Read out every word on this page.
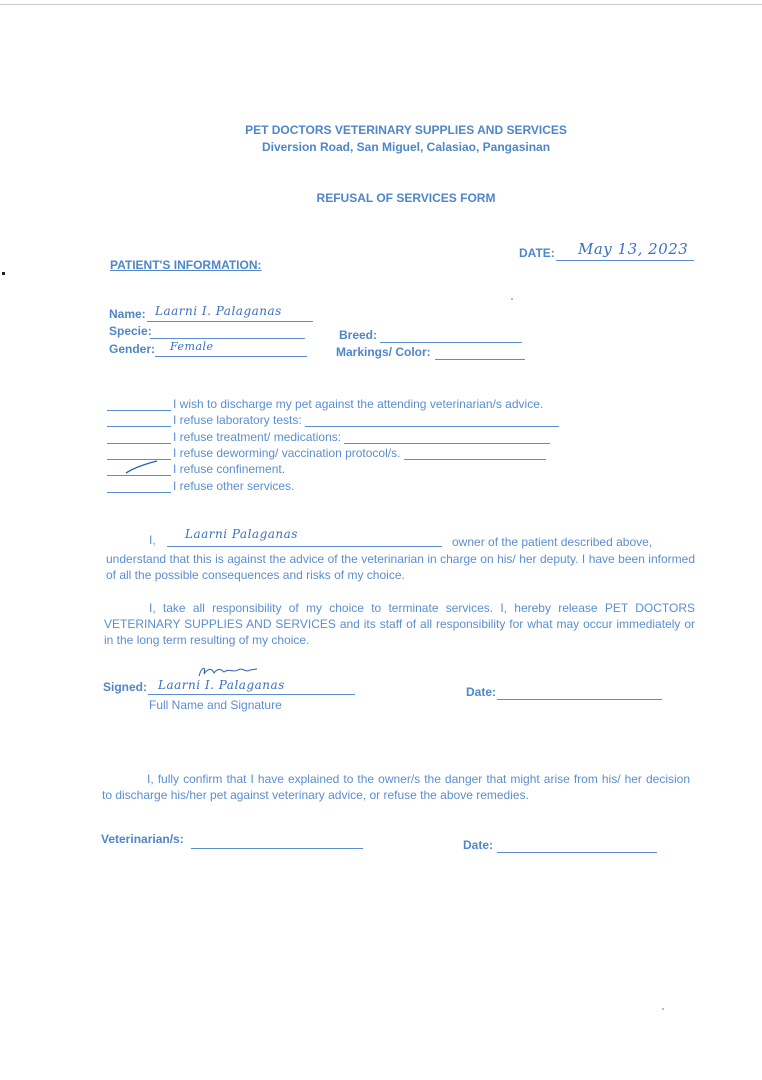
PET DOCTORS VETERINARY SUPPLIES AND SERVICES
Diversion Road, San Miguel, Calasiao, Pangasinan
REFUSAL OF SERVICES FORM
DATE: May 13, 2023
PATIENT'S INFORMATION:
Name: Laarni I. Palaganas
Specie:
Gender: Female
Breed:
Markings/ Color:
I wish to discharge my pet against the attending veterinarian/s advice.
I refuse laboratory tests:
I refuse treatment/ medications:
I refuse deworming/ vaccination protocol/s.
I refuse confinement.
I refuse other services.
I, Laarni Palaganas
owner of the patient described above,
understand that this is against the advice of the veterinarian in charge on his/ her deputy. I have been informed of all the possible consequences and risks of my choice.
I, take all responsibility of my choice to terminate services. I, hereby release PET DOCTORS VETERINARY SUPPLIES AND SERVICES and its staff of all responsibility for what may occur immediately or in the long term resulting of my choice.
Signed: Laarni I. Palaganas
Full Name and Signature
Date:
I, fully confirm that I have explained to the owner/s the danger that might arise from his/ her decision to discharge his/her pet against veterinary advice, or refuse the above remedies.
Veterinarian/s:	Date:
